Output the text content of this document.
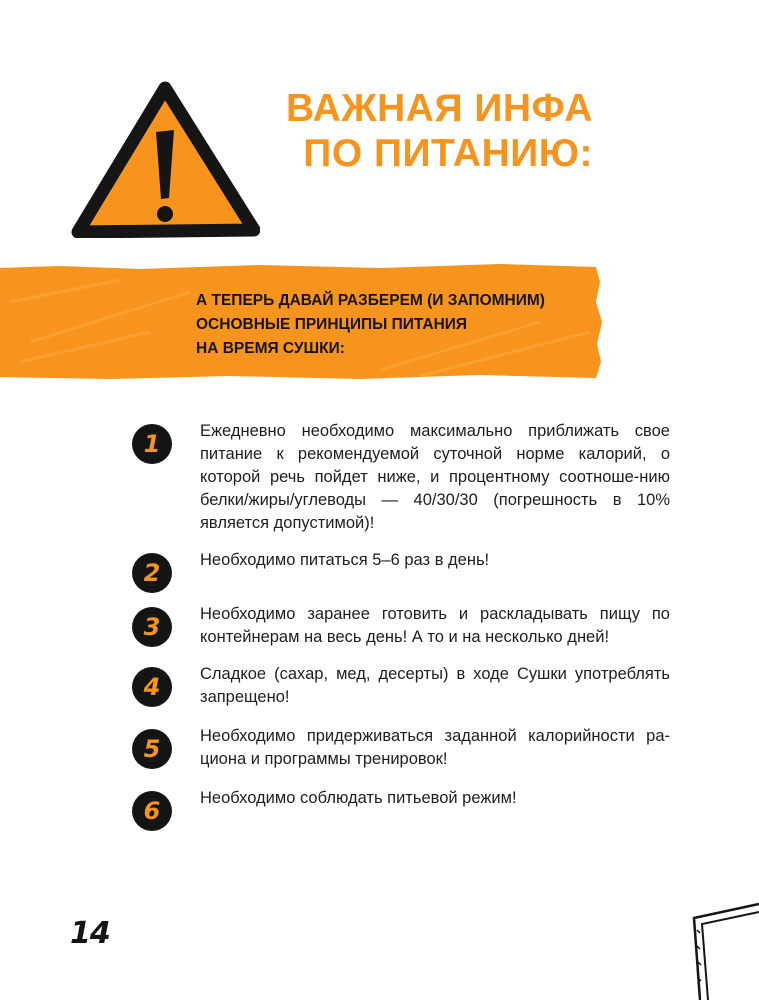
ВАЖНАЯ ИНФА
ПО ПИТАНИЮ:
А ТЕПЕРЬ ДАВАЙ РАЗБЕРЕМ (И ЗАПОМНИМ)
ОСНОВНЫЕ ПРИНЦИПЫ ПИТАНИЯ
НА ВРЕМЯ СУШКИ:
1	Ежедневно необходимо максимально приближать свое питание к рекомендуемой суточной норме калорий, о которой речь пойдет ниже, и процентному соотноше-нию белки/жиры/углеводы — 40/30/30 (погрешность в 10% является допустимой)!

2	Необходимо питаться 5–6 раз в день!

3	Необходимо заранее готовить и раскладывать пищу по контейнерам на весь день! А то и на несколько дней!

4	Сладкое (сахар, мед, десерты) в ходе Сушки употреблять запрещено!

5	Необходимо придерживаться заданной калорийности ра-циона и программы тренировок!

6	Необходимо соблюдать питьевой режим!

14
